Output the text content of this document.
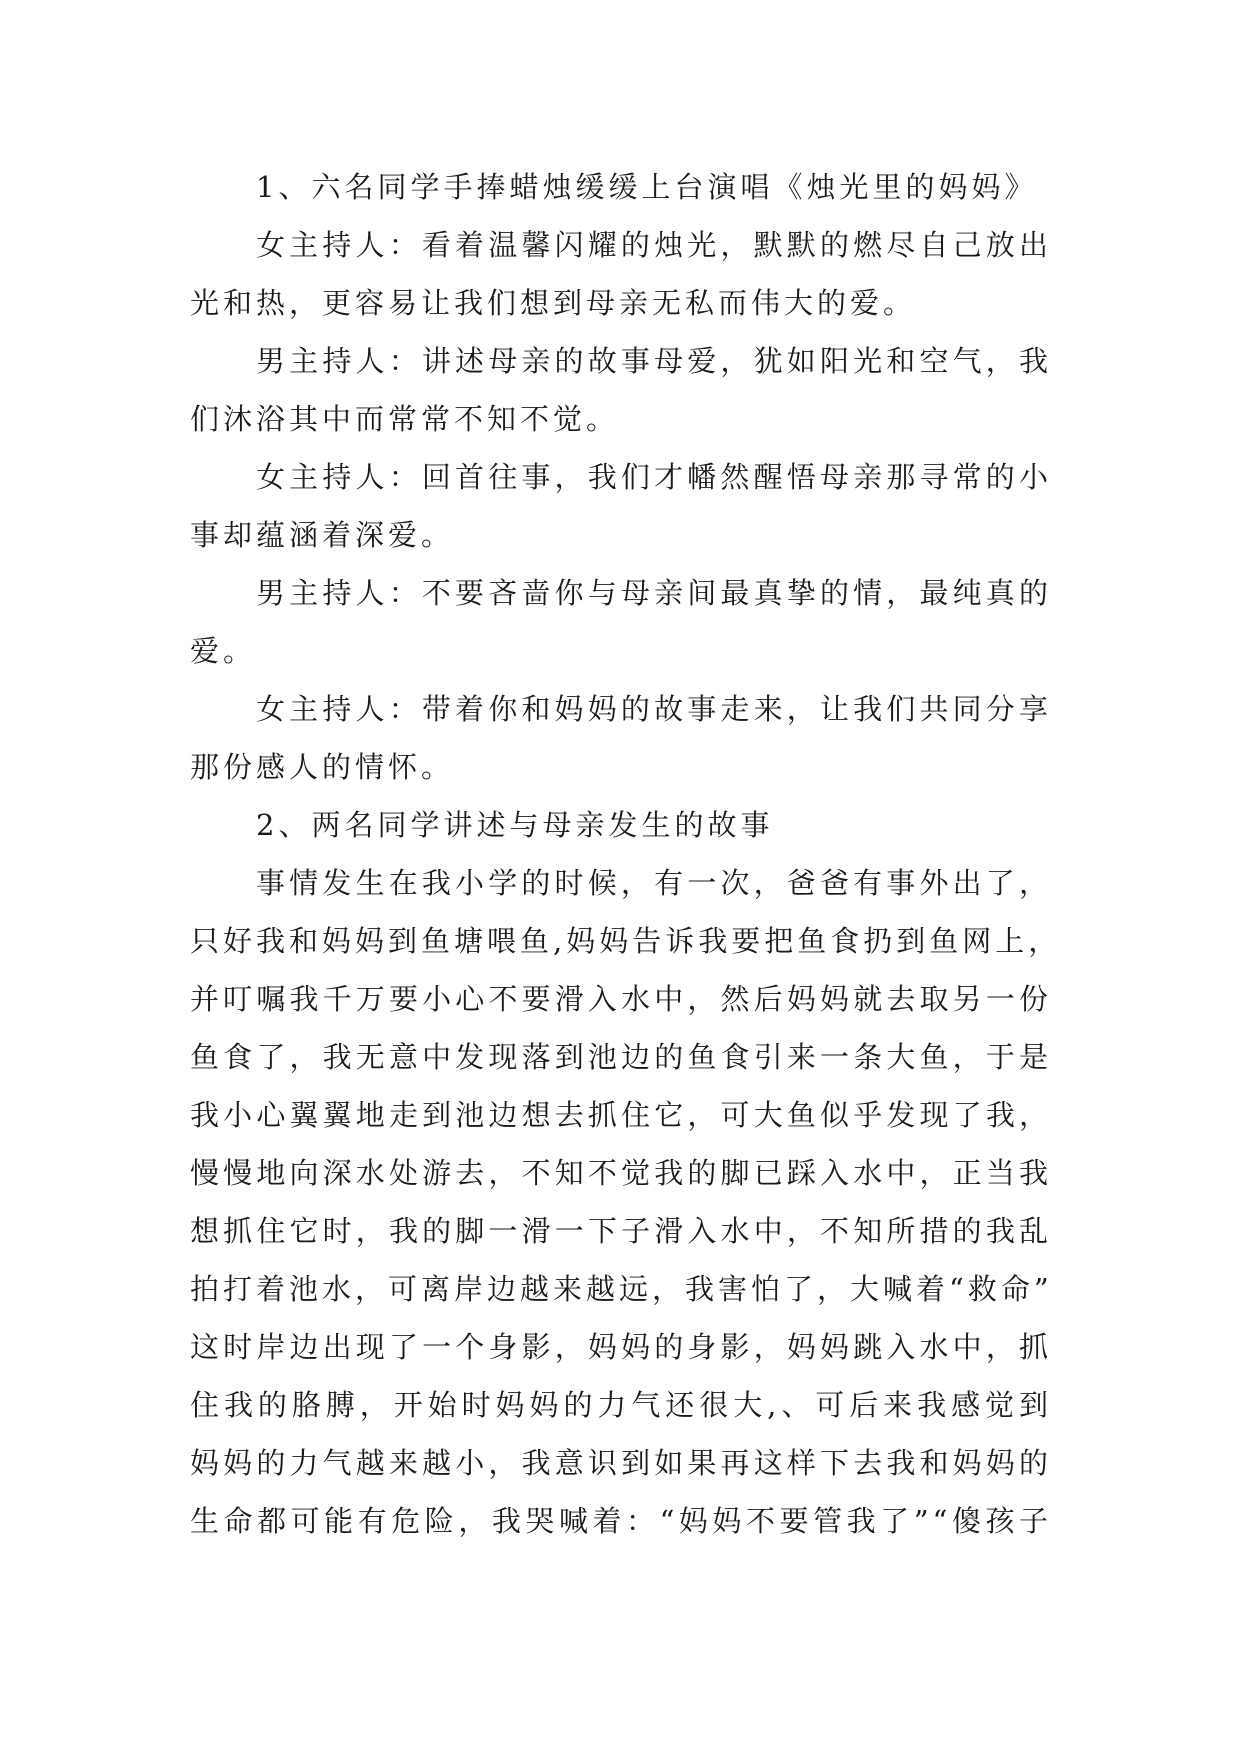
1、六名同学手捧蜡烛缓缓上台演唱《烛光里的妈妈》
女主持人：看着温馨闪耀的烛光，默默的燃尽自己放出
光和热，更容易让我们想到母亲无私而伟大的爱。
男主持人：讲述母亲的故事母爱，犹如阳光和空气，我
们沐浴其中而常常不知不觉。
女主持人：回首往事，我们才幡然醒悟母亲那寻常的小
事却蕴涵着深爱。
男主持人：不要吝啬你与母亲间最真挚的情，最纯真的
爱。
女主持人：带着你和妈妈的故事走来，让我们共同分享
那份感人的情怀。
2、两名同学讲述与母亲发生的故事
事情发生在我小学的时候，有一次，爸爸有事外出了，
只好我和妈妈到鱼塘喂鱼,妈妈告诉我要把鱼食扔到鱼网上，
并叮嘱我千万要小心不要滑入水中，然后妈妈就去取另一份
鱼食了，我无意中发现落到池边的鱼食引来一条大鱼，于是
我小心翼翼地走到池边想去抓住它，可大鱼似乎发现了我，
慢慢地向深水处游去，不知不觉我的脚已踩入水中，正当我
想抓住它时，我的脚一滑一下子滑入水中，不知所措的我乱
拍打着池水，可离岸边越来越远，我害怕了，大喊着“救命”
这时岸边出现了一个身影，妈妈的身影，妈妈跳入水中，抓
住我的胳膊，开始时妈妈的力气还很大,、可后来我感觉到
妈妈的力气越来越小，我意识到如果再这样下去我和妈妈的
生命都可能有危险，我哭喊着：“妈妈不要管我了”“傻孩子
